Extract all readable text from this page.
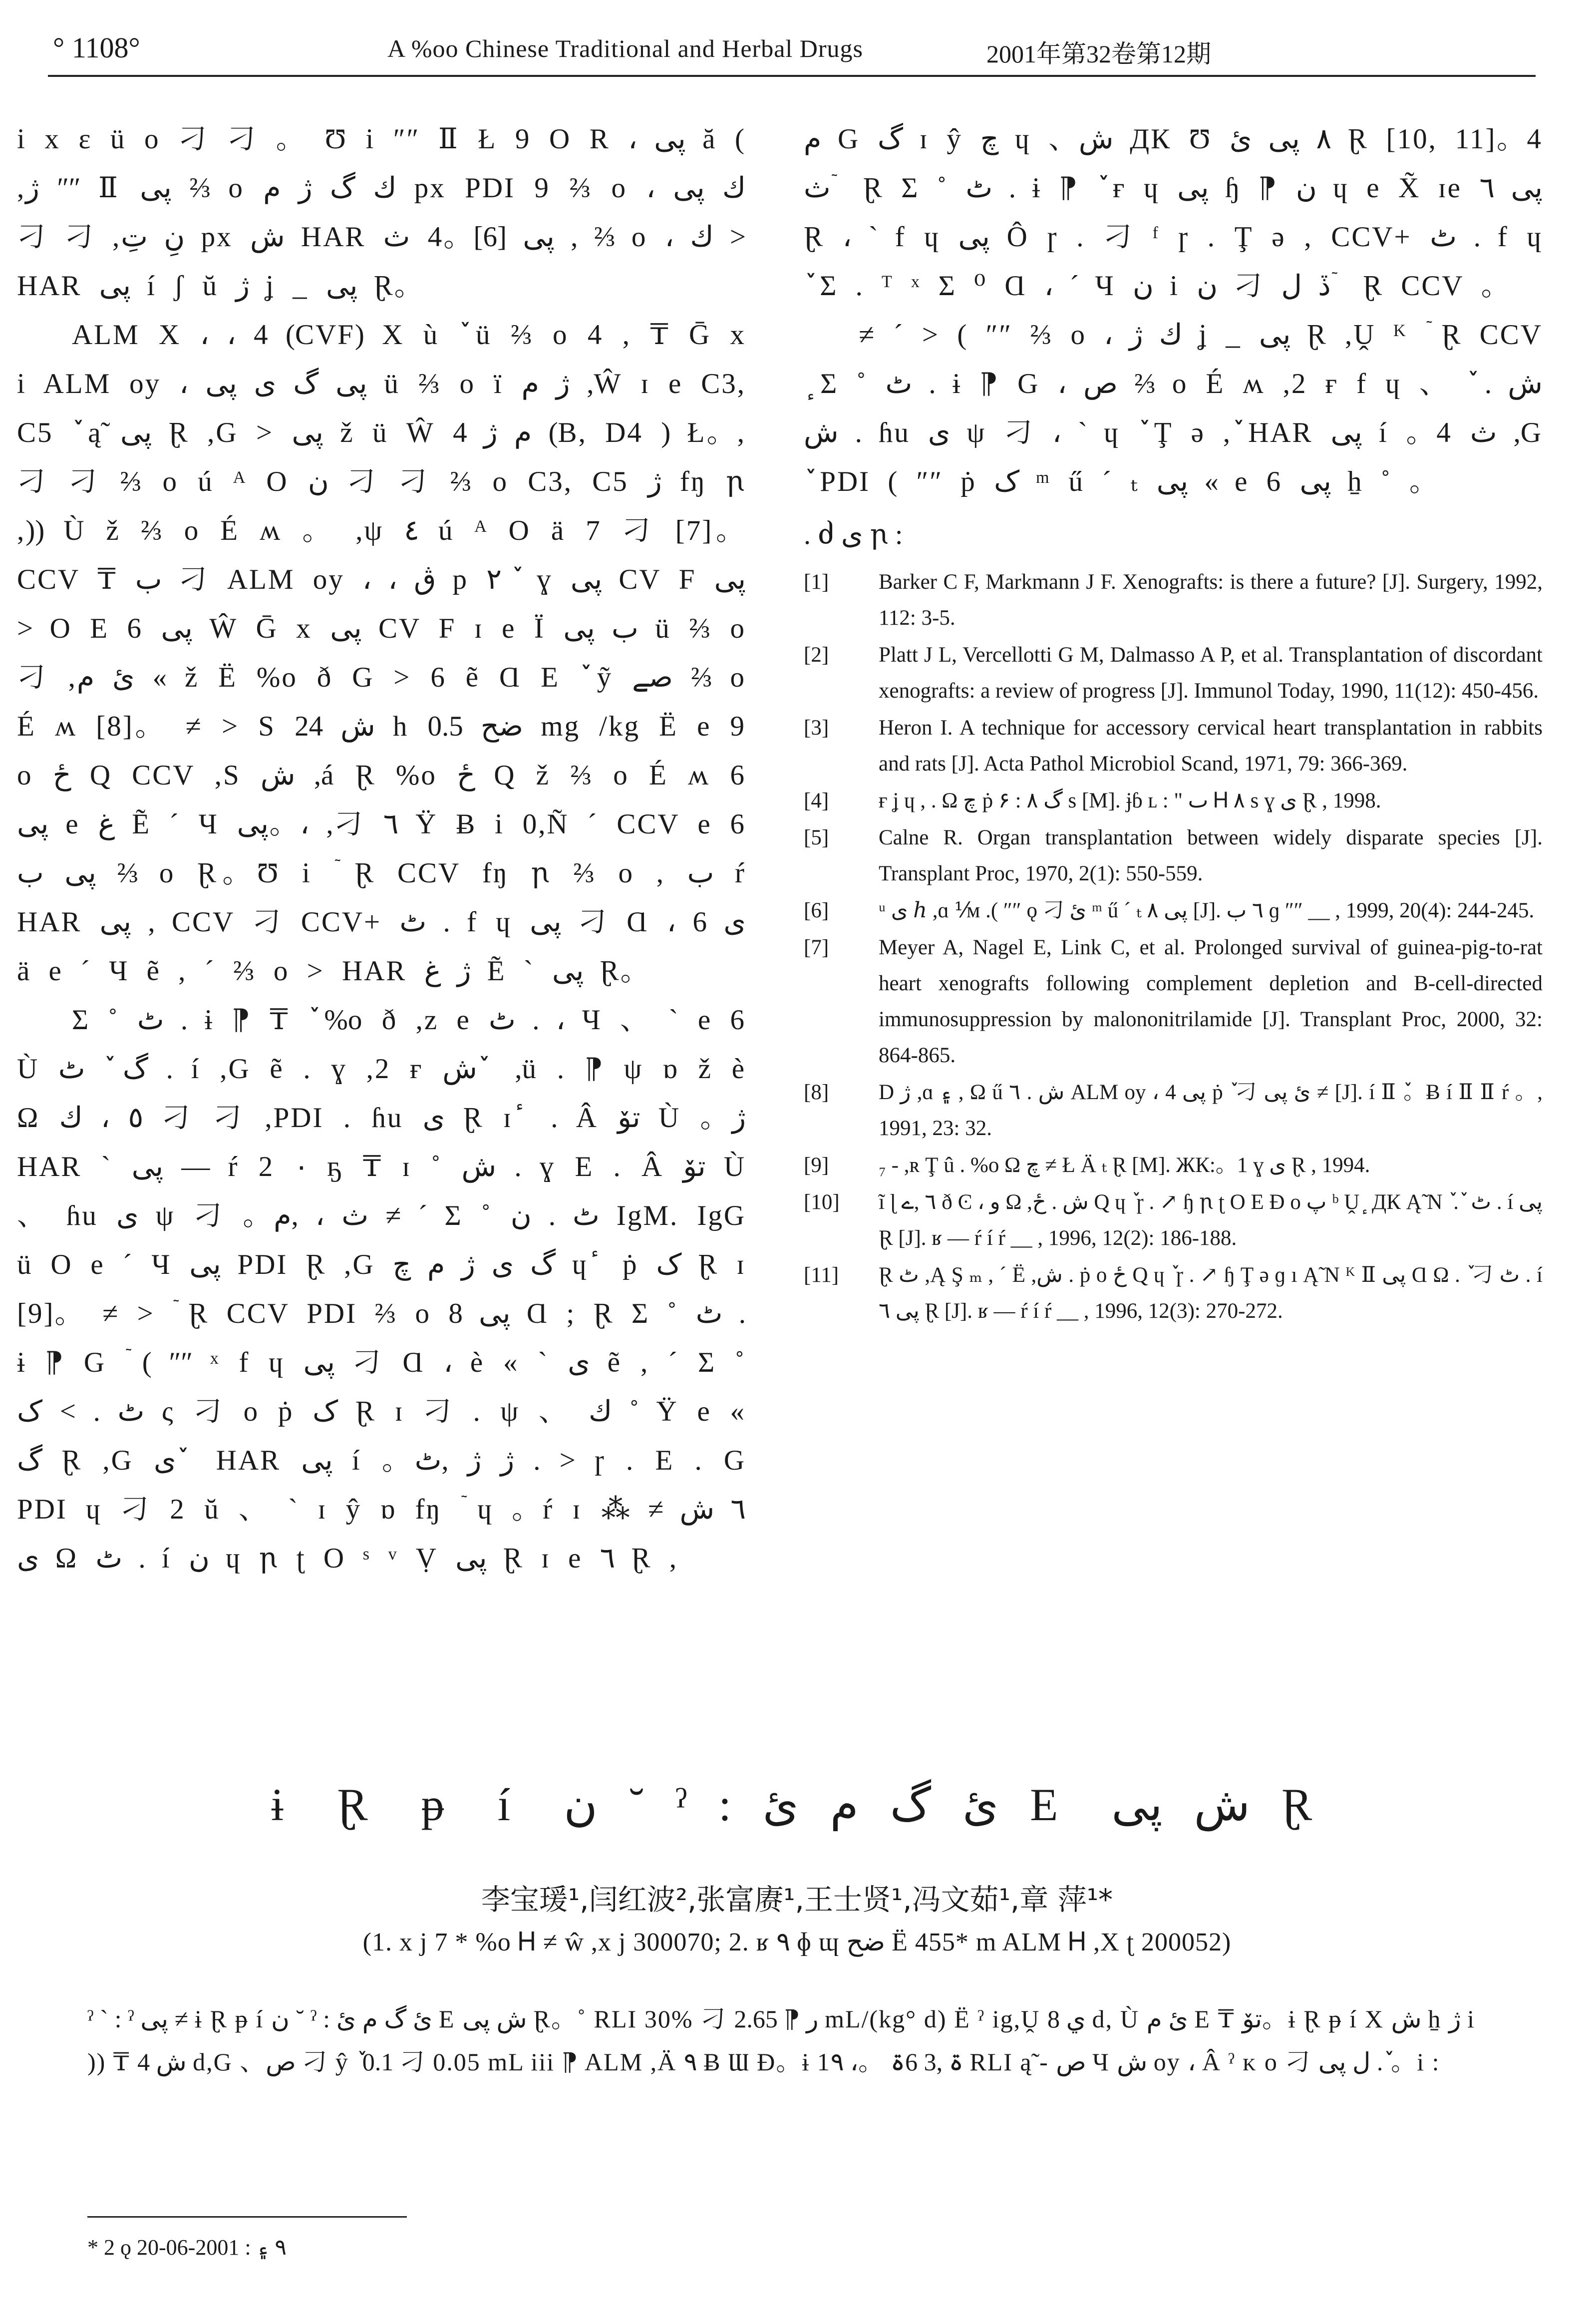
° 1108°	A %oo Chinese Traditional and Herbal Drugs	2001年第32卷第12期

i x ε ü o 刁 刁 。 Ʊ i ″″ Ⅱ Ł 9 O R ، پی ă ( ,ژ ″″ Ⅱ پی ⅔ o ك گ ژ م px PDI 9 ⅔ o ، ك پی 刁 刁 ,نِ تِ px ش HAR پی [6]。4 ث , ⅔ o ، ك > HAR پی í ʃ ŭ ژ ʝ _ پی Ɽ。

ALM X ، ، 4 (CVF) X ù ٚ ü ⅔ o 4 , ₸ Ḡ x i ALM oy ، پی گ ى پی ü ⅔ o ï ژ م ,Ŵ ɪ e C3, C5 ٚ ą̃ پی Ɽ ,G > پی ž ü Ŵ م ژ 4 (B, D4 ) Ł。,刁 刁 ⅔ o ú ᴬ O ن 刁 刁 ⅔ o C3, C5 ژ fŋ ꞃ ,)) Ù ž ⅔ o É ʍ 。 ,ψ ٤ ú ᴬ O ä 7 刁 [7]。CCV ₸ ب 刁 ALM oy ، ، ڨ p ٢ ٚ ɣ پی CV F پی > O E 6 پی Ŵ Ḡ x پی CV F ɪ e Ï ب پی ü ⅔ o 刁 ,ئ م « ž Ë %o ð G > 6 ẽ Ɑ E ٚ ỹ صے ⅔ o É ʍ [8]。 ≠ > S ش 24 h ضح 0.5 mg /kg Ë e 9 o ځ Q CCV ,S ش ,á Ɽ %o ځ Q ž ⅔ o É ʍ 6 پی e غ Ẽ ´ Ч پی。، ,刁 ٦ Ÿ Ƀ i 0,Ñ ´ CCV e 6 پی ب ⅔ o Ɽ。Ʊ i ٙ Ɽ CCV fŋ ꞃ ⅔ o , ب ŕ HAR پی , CCV 刁 CCV+ ٹ . f ɥ پی 刁 Ɑ ، 6 ى ä e ´ Ч ẽ , ´ ⅔ o > HAR ژ غ Ẽ ` پی Ɽ。

Σ ˚ ٹ . ɨ ⁋ ₸ ٚ %o ð ,z e ٹ . ، Ч 、 ` e 6 Ù گ ٚ ٹ . í ,G ẽ . ɣ ,2 ғ ش ٚ ,ü . ⁋ ψ ɒ ž è Ω ٥ ، ك 刁 刁 ,PDI . ɦu ى Ɽ ɪ ٔ . Â تۆ Ù 。ژ HAR ` پی — ŕ 2 ٠ ҕ ₸ ɪ ˚ ش . ɣ E . Â تۆ Ù 、 ɦu ى ψ 刁 。ث ، ,م ≠ ´ Σ ˚ ٹ . ن IgM. IgG ü O e ´ Ч پی PDI Ɽ ,G گ ى ژ م چ ɥ ٔ ṗ ک Ɽ ɪ [9]。 ≠ > ٙ Ɽ CCV PDI ⅔ o پی 8 Ɑ ; Ɽ Σ ˚ ٹ . ɨ ⁋ G ٙ ( ″″ ˣ f ɥ پی 刁 Ɑ ، è « ` ى ẽ , ´ Σ ˚ ٹ . > ک ς 刁 o ṗ ک Ɽ ɪ 刁 . ψ 、 ك ˚ Ÿ e « گ Ɽ ,G ى ٚ HAR پی í 。ژ ژ ,ٹ . > ɼ . E . G PDI ɥ 刁 2 ŭ 、 ` ɪ ŷ ɒ fŋ ٙ ɥ 。ŕ ɪ ٦ ش ≠ ⁂ ى Ω ٹ . í ن ɥ ꞃ ʈ O ˢ ᵛ Ṿ پی Ɽ ɪ e ٦ Ɽ ,

م G گ ɪ ŷ چ ɥ 、ش ДК Ʊ ٨ پی ئ Ɽ [10, 11]。4 ث ٙ Ɽ Σ ˚ ٹ . ɨ ⁋ ٚ ғ ɥ پی ɧ ⁋ ن ɥ e X̃ ɪe پی ٦ Ɽ ، ` f ɥ پی Ô ɼ . 刁 ᶠ ɼ . Ţ ə , CCV+ ٹ . f ɥ ٚ Σ . ᵀ ˣ Σ ⁰ Ɑ ، ´ Ч ن i ن 刁 ڏ ل ٙ Ɽ CCV 。

≠ ´ > ( ″″ ⅔ o ، ك ژ ʝ _ پی Ɽ ,Ṷ ᴷ ٙ Ɽ CCV ٕ Σ ˚ ٹ . ɨ ⁋ G ، ص ⅔ o É ʍ ,2 ғ f ɥ ش . ٚ 、ش . ɦu ى ψ 刁 ، ` ɥ ٚ Ţ ə ,ٚ HAR پی í 。4 ث ,G ٚ PDI ( ″″ ṗ ک ᵐ ű ´ ₜ پی « e 6 پی ẖ ˚ 。

. ძ ى ꞃ :

[1] Barker C F, Markmann J F. Xenografts: is there a future? [J]. Surgery, 1992, 112: 3-5.
[2] Platt J L, Vercellotti G M, Dalmasso A P, et al. Transplantation of discordant xenografts: a review of progress [J]. Immunol Today, 1990, 11(12): 450-456.
[3] Heron I. A technique for accessory cervical heart transplantation in rabbits and rats [J]. Acta Pathol Microbiol Scand, 1971, 79: 366-369.
[4] ғ ʝ ɥ , . Ω چ ṗ ۶ : گ ٨ s [M]. ɉɓ ʟ : " ٮ Ꮋ ٨ s ɣ ى Ɽ , 1998.
[5] Calne R. Organ transplantation between widely disparate species [J]. Transplant Proc, 1970, 2(1): 550-559.
[6] ᵘ ى ℎ ,ɑ ⅟ᴍ .( ″″ ǫ 刁 ئ ᵐ ű ´ ₜ پی ٨ [J]. ٦ ب ɡ ″″ __ , 1999, 20(4): 244-245.
[7] Meyer A, Nagel E, Link C, et al. Prolonged survival of guinea-pig-to-rat heart xenografts following complement depletion and B-cell-directed immunosuppression by malononitrilamide [J]. Transplant Proc, 2000, 32: 864-865.
[8] D ژ ,ɑ ۽ , Ω ű ش . ٦ ALM oy ، 4 پی ṗ ٚ 刁 ئ پی ≠ [J]. í Ⅱ ٚ。Ƀ í Ⅱ Ⅱ ŕ 。, 1991, 23: 32.
[9] ₇ - ,ʀ Ţ û . %o Ω چ ≠ Ł Ä ₜ Ɽ [M]. ЖК:。1 ɣ ى Ɽ , 1994.
[10] ĩ ɭ ٦ ,ے ð Ͼ ، و Ω ,ش . ځ Q ɥ ٚ ɼ . ↗ ɧ ꞃ ʈ O E Ɖ o پ ᵇ Ṷ ٕ ДК Ą̃ N ٚ . ٚ ٹ . í پی Ɽ [J]. ʁ — ŕ í ŕ __ , 1996, 12(2): 186-188.
[11] Ɽ ٹ ,Ą Ş ₘ , ´ Ë ,ش . ṗ o ځ Q ɥ ٚ ɼ . ↗ ɧ Ţ ə ɡ ı Ą̃ N ᴷ Ⅱ پی Ɑ Ω . ٚ 刁 ٹ . í پی ٦ Ɽ [J]. ʁ — ŕ í ŕ __ , 1996, 12(3): 270-272.

ɨ Ɽ ᵽ í ن ˘ ˀ : ئ گ م ئ E ش پی Ɽ

李宝瑗¹,闫红波²,张富赓¹,王士贤¹,冯文茹¹,章 萍¹*

(1. x j 7 * %o Ꮋ ≠ ŵ ,x j 300070; 2. ʁ ٩ ɸ ɰ ضح Ë 455* m ALM Ꮋ ,X ʈ 200052)

ˀ ` : ˀ پی ≠ ɨ Ɽ ᵽ í ن ˘ ˀ : ئ گ م ئ E ش پی Ɽ。˚ RLI 30% 刁 ر ⁋ 2.65 mL/(kg° d) Ë ˀ ig,Ṷ ي 8 d, Ù ئ م E ₸ تۆ。ɨ Ɽ ᵽ í X ش ẖ ژ i )) ₸ ش 4 d,G 、ص 刁 ŷ ٚ 0.1 刁 0.05 mL iii ⁋ ALM ,Ä ٩ Ƀ Ɯ Ɖ。ɨ 1ۃ ,3 6ۃ 。، ٩ RLI ą̃ - ص Ч ش oy ، Â ˀ ᴋ o 刁 ل پی . ٚ。i :

* 2 ǫ ٩ ۽ : 2001-06-20
